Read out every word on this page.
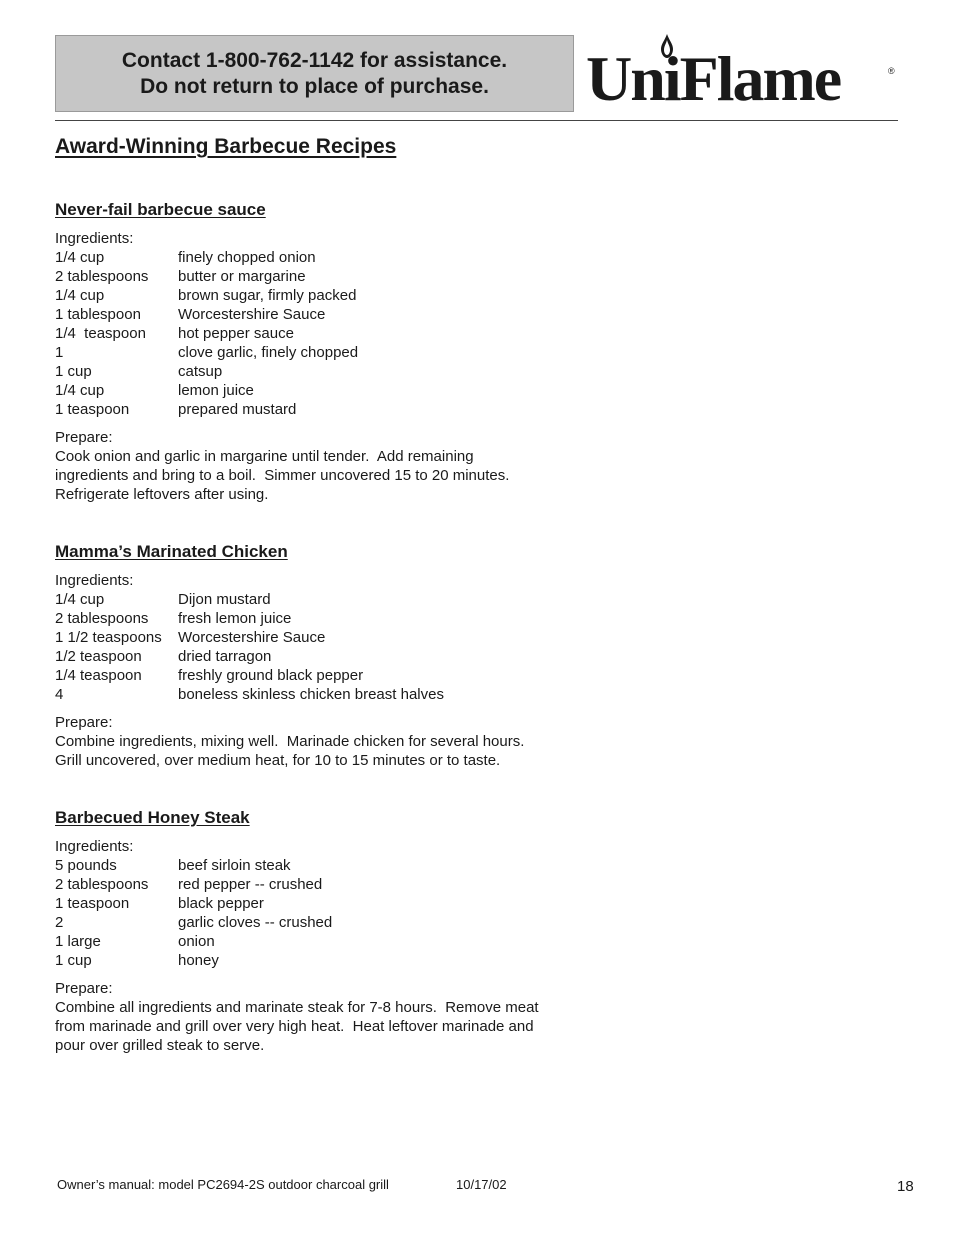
Contact 1-800-762-1142 for assistance.
Do not return to place of purchase. UniFlame	®
Award-Winning Barbecue Recipes
Never-fail barbecue sauce
Ingredients:
1/4 cup	finely chopped onion
2 tablespoons	butter or margarine
1/4 cup	brown sugar, firmly packed
1 tablespoon	Worcestershire Sauce
1/4  teaspoon	hot pepper sauce
1	clove garlic, finely chopped
1 cup	catsup
1/4 cup	lemon juice
1 teaspoon	prepared mustard
Prepare:
Cook onion and garlic in margarine until tender.  Add remaining
ingredients and bring to a boil.  Simmer uncovered 15 to 20 minutes.
Refrigerate leftovers after using.
Mamma’s Marinated Chicken
Ingredients:
1/4 cup	Dijon mustard
2 tablespoons	fresh lemon juice
1 1/2 teaspoons	Worcestershire Sauce
1/2 teaspoon	dried tarragon
1/4 teaspoon	freshly ground black pepper
4	boneless skinless chicken breast halves
Prepare:
Combine ingredients, mixing well.  Marinade chicken for several hours.
Grill uncovered, over medium heat, for 10 to 15 minutes or to taste.
Barbecued Honey Steak
Ingredients:
5 pounds	beef sirloin steak
2 tablespoons	red pepper -- crushed
1 teaspoon	black pepper
2	garlic cloves -- crushed
1 large	onion
1 cup	honey
Prepare:
Combine all ingredients and marinate steak for 7-8 hours.  Remove meat
from marinade and grill over very high heat.  Heat leftover marinade and
pour over grilled steak to serve.
Owner’s manual: model PC2694-2S outdoor charcoal grill	10/17/02	18
